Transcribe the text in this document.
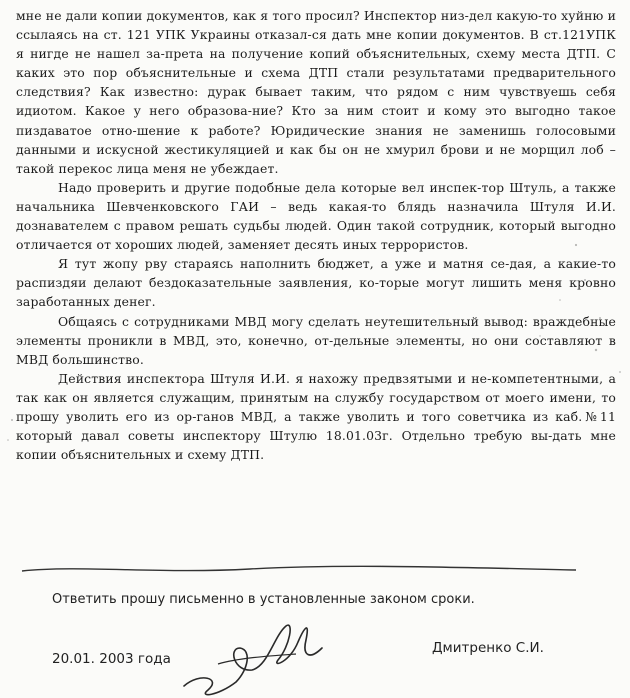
мне не дали копии документов, как я того просил? Инспектор низ-дел какую-то хуйню и ссылаясь на ст. 121 УПК Украины отказал-ся дать мне копии документов. В ст.121УПК я нигде не нашел за-прета на получение копий объяснительных, схему места ДТП. С каких это пор объяснительные и схема ДТП стали результатами предварительного следствия? Как известно: дурак бывает таким, что рядом с ним чувствуешь себя идиотом. Какое у него образова-ние? Кто за ним стоит и кому это выгодно такое пиздаватое отно-шение к работе? Юридические знания не заменишь голосовыми данными и искусной жестикуляцией и как бы он не хмурил брови и не морщил лоб – такой перекос лица меня не убеждает.

Надо проверить и другие подобные дела которые вел инспек-тор Штуль, а также начальника Шевченковского ГАИ – ведь какая-то блядь назначила Штуля И.И. дознавателем с правом решать судьбы людей. Один такой сотрудник, который выгодно отличается от хороших людей, заменяет десять иных террористов.

Я тут жопу рву стараясь наполнить бюджет, а уже и матня се-дая, а какие-то распиздяи делают бездоказательные заявления, ко-торые могут лишить меня кровно заработанных денег.

Общаясь с сотрудниками МВД могу сделать неутешительный вывод: враждебные элементы проникли в МВД, это, конечно, от-дельные элементы, но они составляют в МВД большинство.

Действия инспектора Штуля И.И. я нахожу предвзятыми и не-компетентными, а так как он является служащим, принятым на службу государством от моего имени, то прошу уволить его из ор-ганов МВД, а также уволить и того советчика из каб.№11 который давал советы инспектору Штулю 18.01.03г. Отдельно требую вы-дать мне копии объяснительных и схему ДТП.

Ответить прошу письменно в установленные законом сроки.
20.01. 2003 года
Дмитренко С.И.
